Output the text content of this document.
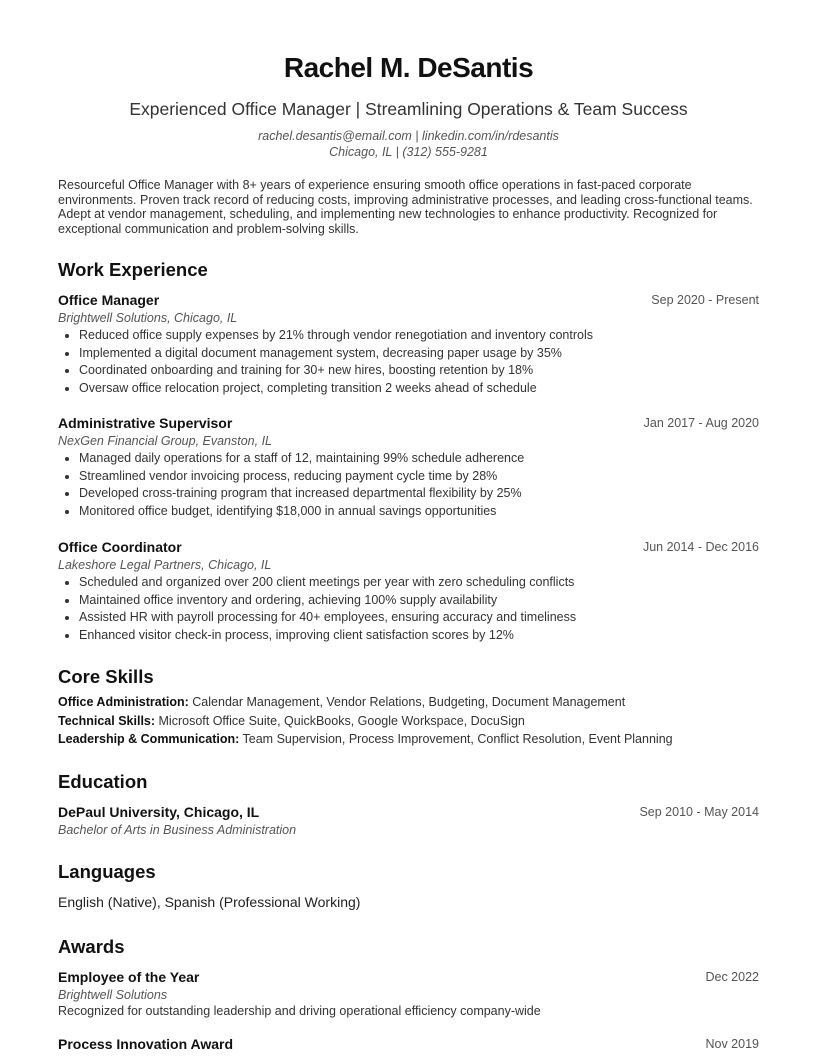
Rachel M. DeSantis
Experienced Office Manager | Streamlining Operations & Team Success
rachel.desantis@email.com | linkedin.com/in/rdesantis
Chicago, IL | (312) 555-9281
Resourceful Office Manager with 8+ years of experience ensuring smooth office operations in fast-paced corporate environments. Proven track record of reducing costs, improving administrative processes, and leading cross-functional teams. Adept at vendor management, scheduling, and implementing new technologies to enhance productivity. Recognized for exceptional communication and problem-solving skills.
Work Experience
Office Manager	Sep 2020 - Present
Brightwell Solutions, Chicago, IL
• Reduced office supply expenses by 21% through vendor renegotiation and inventory controls
• Implemented a digital document management system, decreasing paper usage by 35%
• Coordinated onboarding and training for 30+ new hires, boosting retention by 18%
• Oversaw office relocation project, completing transition 2 weeks ahead of schedule
Administrative Supervisor	Jan 2017 - Aug 2020
NexGen Financial Group, Evanston, IL
• Managed daily operations for a staff of 12, maintaining 99% schedule adherence
• Streamlined vendor invoicing process, reducing payment cycle time by 28%
• Developed cross-training program that increased departmental flexibility by 25%
• Monitored office budget, identifying $18,000 in annual savings opportunities
Office Coordinator	Jun 2014 - Dec 2016
Lakeshore Legal Partners, Chicago, IL
• Scheduled and organized over 200 client meetings per year with zero scheduling conflicts
• Maintained office inventory and ordering, achieving 100% supply availability
• Assisted HR with payroll processing for 40+ employees, ensuring accuracy and timeliness
• Enhanced visitor check-in process, improving client satisfaction scores by 12%
Core Skills
Office Administration: Calendar Management, Vendor Relations, Budgeting, Document Management
Technical Skills: Microsoft Office Suite, QuickBooks, Google Workspace, DocuSign
Leadership & Communication: Team Supervision, Process Improvement, Conflict Resolution, Event Planning
Education
DePaul University, Chicago, IL	Sep 2010 - May 2014
Bachelor of Arts in Business Administration
Languages
English (Native), Spanish (Professional Working)
Awards
Employee of the Year	Dec 2022
Brightwell Solutions
Recognized for outstanding leadership and driving operational efficiency company-wide
Process Innovation Award	Nov 2019
